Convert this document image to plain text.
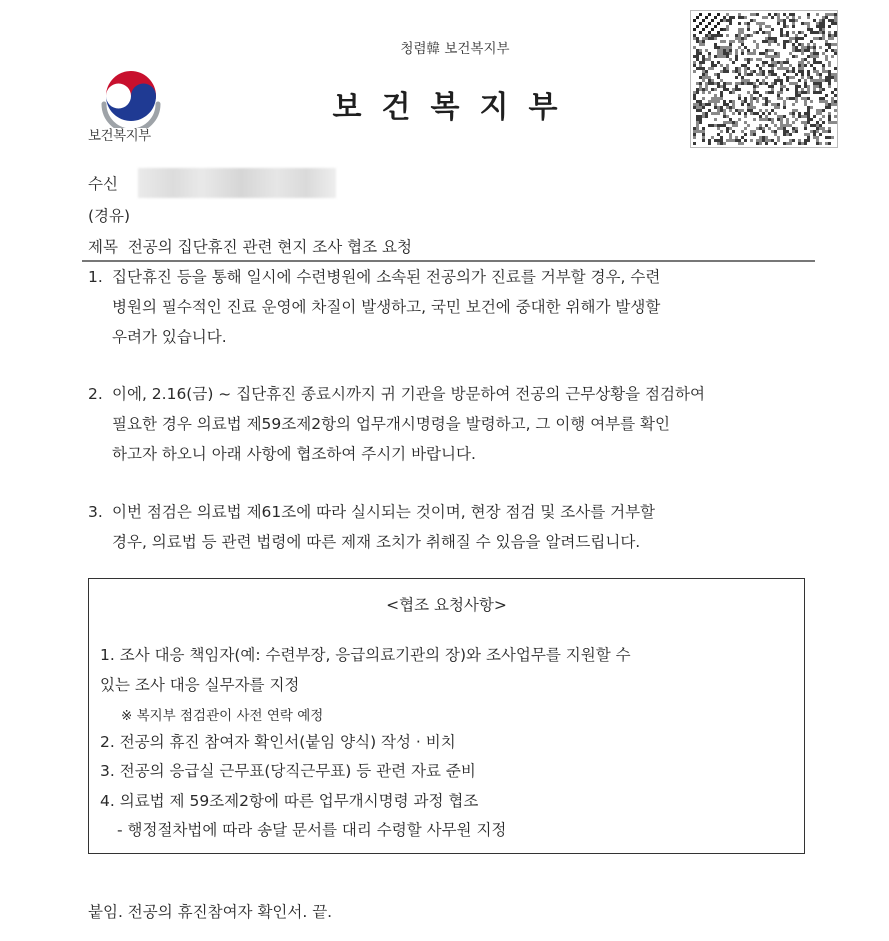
보건복지부
청렴韓 보건복지부
보건복지부
수신
(경유)
제목 전공의 집단휴진 관련 현지 조사 협조 요청
1. 집단휴진 등을 통해 일시에 수련병원에 소속된 전공의가 진료를 거부할 경우, 수련
병원의 필수적인 진료 운영에 차질이 발생하고, 국민 보건에 중대한 위해가 발생할
우려가 있습니다.
2. 이에, 2.16(금) ~ 집단휴진 종료시까지 귀 기관을 방문하여 전공의 근무상황을 점검하여
필요한 경우 의료법 제59조제2항의 업무개시명령을 발령하고, 그 이행 여부를 확인
하고자 하오니 아래 사항에 협조하여 주시기 바랍니다.
3. 이번 점검은 의료법 제61조에 따라 실시되는 것이며, 현장 점검 및 조사를 거부할
경우, 의료법 등 관련 법령에 따른 제재 조치가 취해질 수 있음을 알려드립니다.
<협조 요청사항>
1. 조사 대응 책임자(예: 수련부장, 응급의료기관의 장)와 조사업무를 지원할 수
있는 조사 대응 실무자를 지정
※ 복지부 점검관이 사전 연락 예정
2. 전공의 휴진 참여자 확인서(붙임 양식) 작성 · 비치
3. 전공의 응급실 근무표(당직근무표) 등 관련 자료 준비
4. 의료법 제 59조제2항에 따른 업무개시명령 과정 협조
- 행정절차법에 따라 송달 문서를 대리 수령할 사무원 지정
붙임. 전공의 휴진참여자 확인서. 끝.
